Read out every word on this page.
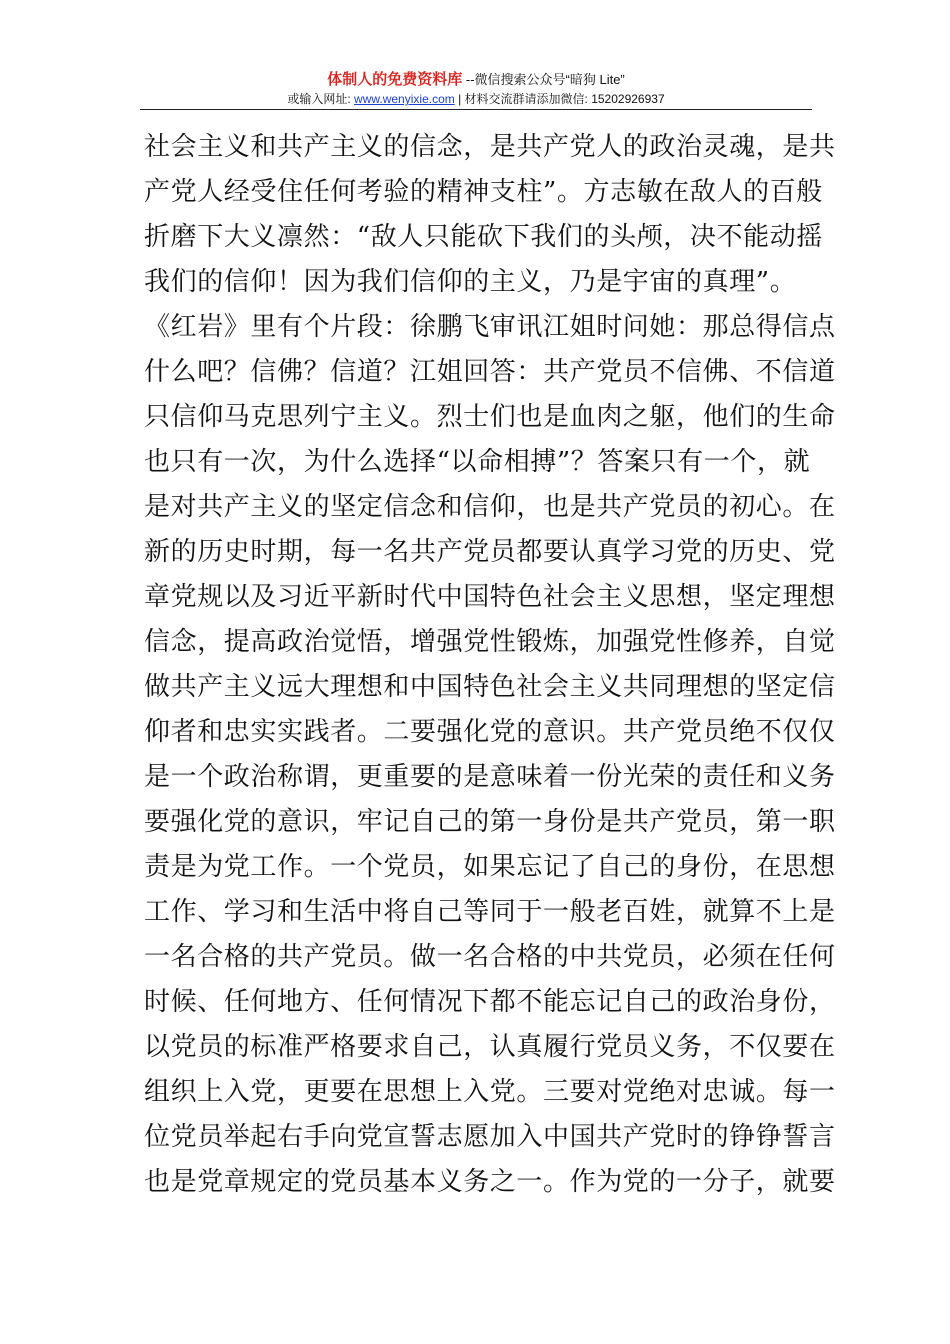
体制人的免费资料库 --微信搜索公众号“暗狗 Lite”
或输入网址: www.wenyixie.com | 材料交流群请添加微信: 15202926937
社会主义和共产主义的信念，是共产党人的政治灵魂，是共
产党人经受住任何考验的精神支柱”。方志敏在敌人的百般
折磨下大义凛然：“敌人只能砍下我们的头颅，决不能动摇
我们的信仰！因为我们信仰的主义，乃是宇宙的真理”。
《红岩》里有个片段：徐鹏飞审讯江姐时问她：那总得信点
什么吧？信佛？信道？江姐回答：共产党员不信佛、不信道
只信仰马克思列宁主义。烈士们也是血肉之躯，他们的生命
也只有一次，为什么选择“以命相搏”？答案只有一个，就
是对共产主义的坚定信念和信仰，也是共产党员的初心。在
新的历史时期，每一名共产党员都要认真学习党的历史、党
章党规以及习近平新时代中国特色社会主义思想，坚定理想
信念，提高政治觉悟，增强党性锻炼，加强党性修养，自觉
做共产主义远大理想和中国特色社会主义共同理想的坚定信
仰者和忠实实践者。二要强化党的意识。共产党员绝不仅仅
是一个政治称谓，更重要的是意味着一份光荣的责任和义务
要强化党的意识，牢记自己的第一身份是共产党员，第一职
责是为党工作。一个党员，如果忘记了自己的身份，在思想
工作、学习和生活中将自己等同于一般老百姓，就算不上是
一名合格的共产党员。做一名合格的中共党员，必须在任何
时候、任何地方、任何情况下都不能忘记自己的政治身份，
以党员的标准严格要求自己，认真履行党员义务，不仅要在
组织上入党，更要在思想上入党。三要对党绝对忠诚。每一
位党员举起右手向党宣誓志愿加入中国共产党时的铮铮誓言
也是党章规定的党员基本义务之一。作为党的一分子，就要
